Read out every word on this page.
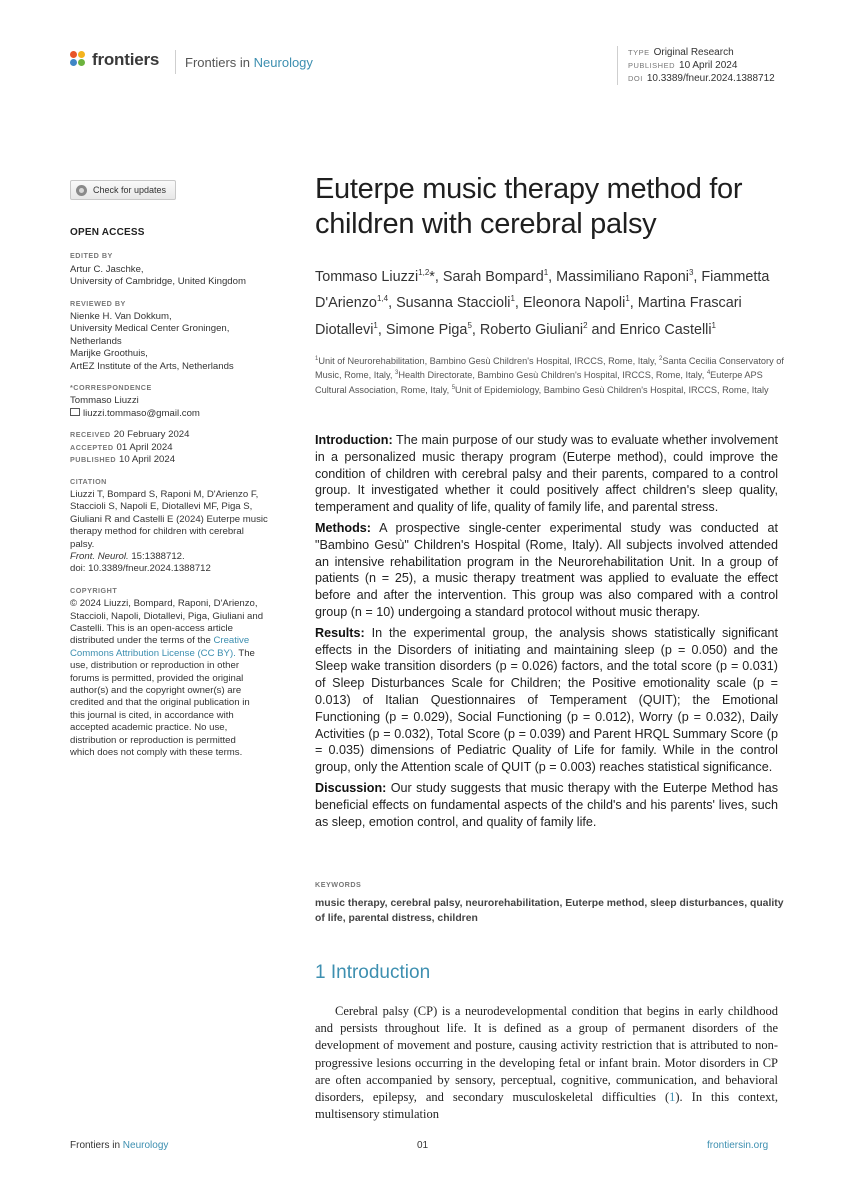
frontiers Frontiers in Neurology
TYPE Original Research
PUBLISHED 10 April 2024
DOI 10.3389/fneur.2024.1388712
Check for updates
OPEN ACCESS
EDITED BY
Artur C. Jaschke,
University of Cambridge, United Kingdom
REVIEWED BY
Nienke H. Van Dokkum,
University Medical Center Groningen,
Netherlands
Marijke Groothuis,
ArtEZ Institute of the Arts, Netherlands
*CORRESPONDENCE
Tommaso Liuzzi
liuzzi.tommaso@gmail.com
RECEIVED 20 February 2024
ACCEPTED 01 April 2024
PUBLISHED 10 April 2024
CITATION
Liuzzi T, Bompard S, Raponi M, D'Arienzo F,
Staccioli S, Napoli E, Diotallevi MF, Piga S,
Giuliani R and Castelli E (2024) Euterpe music
therapy method for children with cerebral
palsy.
Front. Neurol. 15:1388712.
doi: 10.3389/fneur.2024.1388712
COPYRIGHT
© 2024 Liuzzi, Bompard, Raponi, D'Arienzo,
Staccioli, Napoli, Diotallevi, Piga, Giuliani and
Castelli. This is an open-access article
distributed under the terms of the Creative
Commons Attribution License (CC BY). The
use, distribution or reproduction in other
forums is permitted, provided the original
author(s) and the copyright owner(s) are
credited and that the original publication in
this journal is cited, in accordance with
accepted academic practice. No use,
distribution or reproduction is permitted
which does not comply with these terms.
Euterpe music therapy method for children with cerebral palsy
Tommaso Liuzzi$^{1,2}$*, Sarah Bompard$^1$, Massimiliano Raponi$^3$, Fiammetta D'Arienzo$^{1,4}$, Susanna Staccioli$^1$, Eleonora Napoli$^1$, Martina Frascari Diotallevi$^1$, Simone Piga$^5$, Roberto Giuliani$^2$ and Enrico Castelli$^1$
$^1$Unit of Neurorehabilitation, Bambino Gesù Children's Hospital, IRCCS, Rome, Italy, $^2$Santa Cecilia Conservatory of Music, Rome, Italy, $^3$Health Directorate, Bambino Gesù Children's Hospital, IRCCS, Rome, Italy, $^4$Euterpe APS Cultural Association, Rome, Italy, $^5$Unit of Epidemiology, Bambino Gesù Children's Hospital, IRCCS, Rome, Italy

Introduction: The main purpose of our study was to evaluate whether involvement in a personalized music therapy program (Euterpe method), could improve the condition of children with cerebral palsy and their parents, compared to a control group. It investigated whether it could positively affect children's sleep quality, temperament and quality of life, quality of family life, and parental stress.

Methods: A prospective single-center experimental study was conducted at "Bambino Gesù" Children's Hospital (Rome, Italy). All subjects involved attended an intensive rehabilitation program in the Neurorehabilitation Unit. In a group of patients (n = 25), a music therapy treatment was applied to evaluate the effect before and after the intervention. This group was also compared with a control group (n = 10) undergoing a standard protocol without music therapy.

Results: In the experimental group, the analysis shows statistically significant effects in the Disorders of initiating and maintaining sleep (p = 0.050) and the Sleep wake transition disorders (p = 0.026) factors, and the total score (p = 0.031) of Sleep Disturbances Scale for Children; the Positive emotionality scale (p = 0.013) of Italian Questionnaires of Temperament (QUIT); the Emotional Functioning (p = 0.029), Social Functioning (p = 0.012), Worry (p = 0.032), Daily Activities (p = 0.032), Total Score (p = 0.039) and Parent HRQL Summary Score (p = 0.035) dimensions of Pediatric Quality of Life for family. While in the control group, only the Attention scale of QUIT (p = 0.003) reaches statistical significance.

Discussion: Our study suggests that music therapy with the Euterpe Method has beneficial effects on fundamental aspects of the child's and his parents' lives, such as sleep, emotion control, and quality of family life.

KEYWORDS
music therapy, cerebral palsy, neurorehabilitation, Euterpe method, sleep disturbances, quality of life, parental distress, children
1 Introduction

Cerebral palsy (CP) is a neurodevelopmental condition that begins in early childhood and persists throughout life. It is defined as a group of permanent disorders of the development of movement and posture, causing activity restriction that is attributed to non-progressive lesions occurring in the developing fetal or infant brain. Motor disorders in CP are often accompanied by sensory, perceptual, cognitive, communication, and behavioral disorders, epilepsy, and secondary musculoskeletal difficulties (1). In this context, multisensory stimulation

Frontiers in Neurology	01	frontiersin.org
